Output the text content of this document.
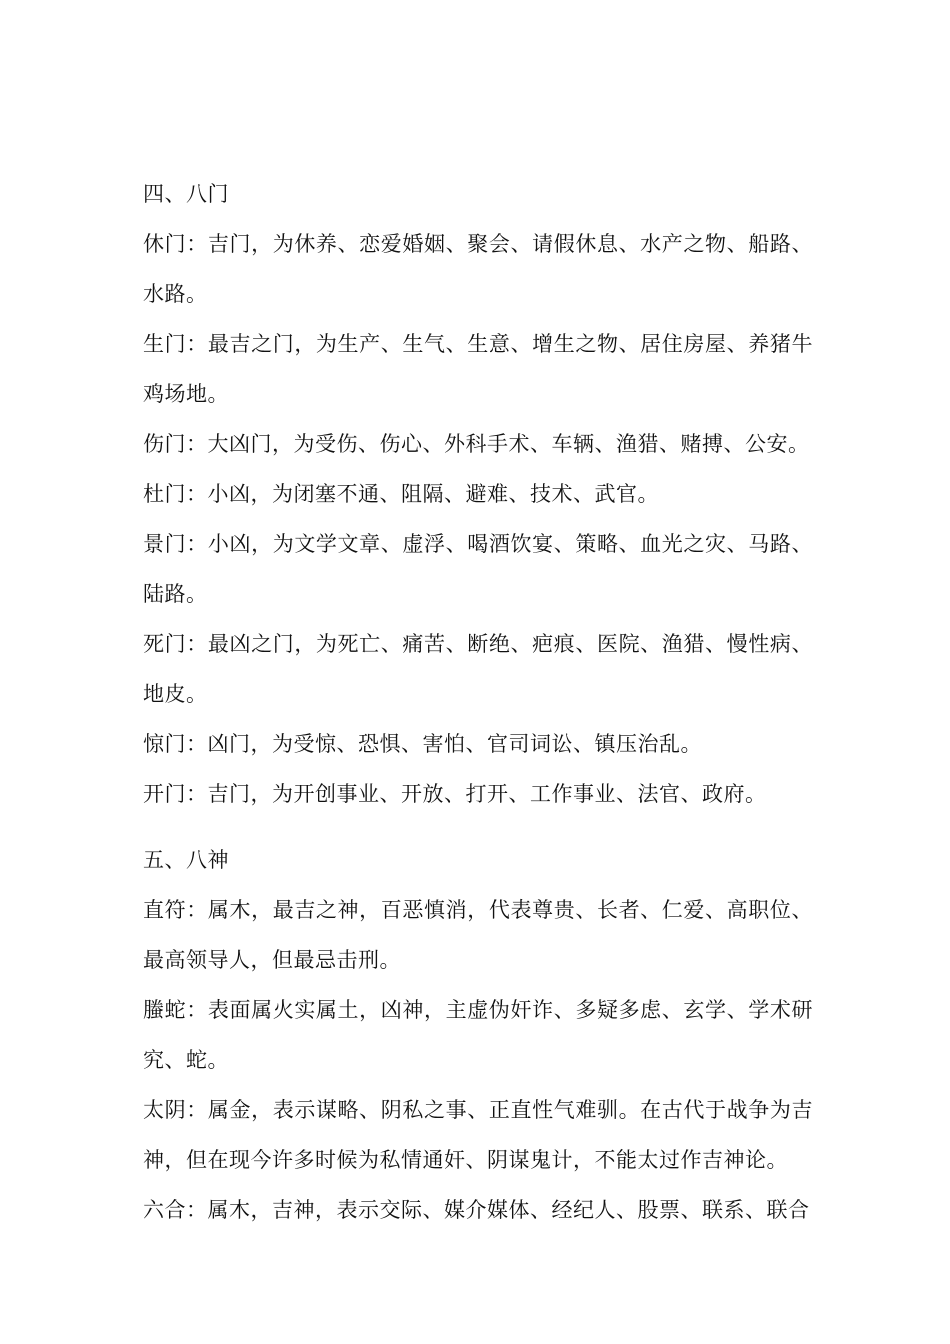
四、八门

休门：吉门，为休养、恋爱婚姻、聚会、请假休息、水产之物、船路、水路。

生门：最吉之门，为生产、生气、生意、增生之物、居住房屋、养猪牛鸡场地。

伤门：大凶门，为受伤、伤心、外科手术、车辆、渔猎、赌搏、公安。

杜门：小凶，为闭塞不通、阻隔、避难、技术、武官。

景门：小凶，为文学文章、虚浮、喝酒饮宴、策略、血光之灾、马路、陆路。

死门：最凶之门，为死亡、痛苦、断绝、疤痕、医院、渔猎、慢性病、地皮。

惊门：凶门，为受惊、恐惧、害怕、官司词讼、镇压治乱。

开门：吉门，为开创事业、开放、打开、工作事业、法官、政府。

五、八神

直符：属木，最吉之神，百恶慎消，代表尊贵、长者、仁爱、高职位、最高领导人，但最忌击刑。

螣蛇：表面属火实属土，凶神，主虚伪奸诈、多疑多虑、玄学、学术研究、蛇。

太阴：属金，表示谋略、阴私之事、正直性气难驯。在古代于战争为吉神，但在现今许多时候为私情通奸、阴谋鬼计，不能太过作吉神论。

六合：属木，吉神，表示交际、媒介媒体、经纪人、股票、联系、联合
